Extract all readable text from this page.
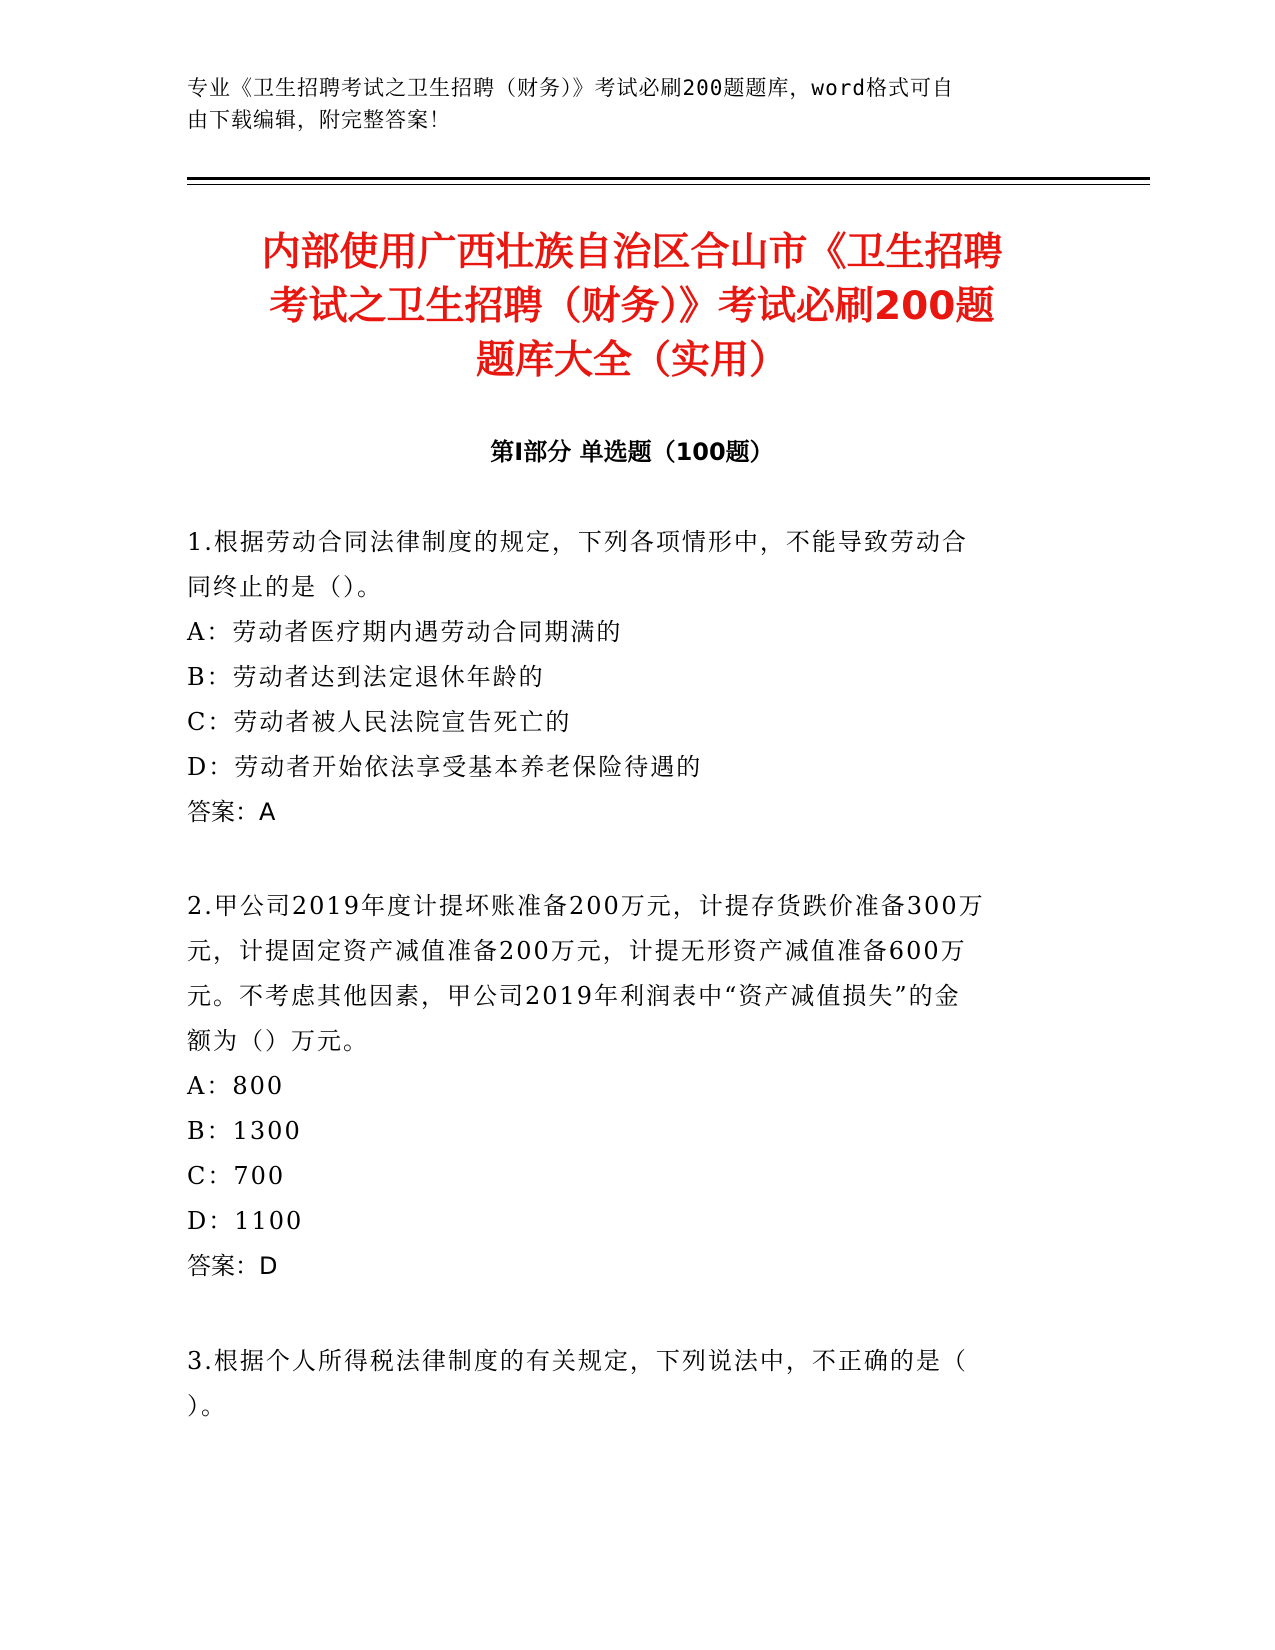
专业《卫生招聘考试之卫生招聘（财务）》考试必刷200题题库，word格式可自
由下载编辑，附完整答案！
内部使用广西壮族自治区合山市《卫生招聘
考试之卫生招聘（财务）》考试必刷200题
题库大全（实用）
第I部分 单选题（100题）
1.根据劳动合同法律制度的规定，下列各项情形中，不能导致劳动合
同终止的是（）。
A：劳动者医疗期内遇劳动合同期满的
B：劳动者达到法定退休年龄的
C：劳动者被人民法院宣告死亡的
D：劳动者开始依法享受基本养老保险待遇的
答案：A
2.甲公司2019年度计提坏账准备200万元，计提存货跌价准备300万
元，计提固定资产减值准备200万元，计提无形资产减值准备600万
元。不考虑其他因素，甲公司2019年利润表中“资产减值损失”的金
额为（）万元。
A：800
B：1300
C：700
D：1100
答案：D
3.根据个人所得税法律制度的有关规定，下列说法中，不正确的是（
）。
